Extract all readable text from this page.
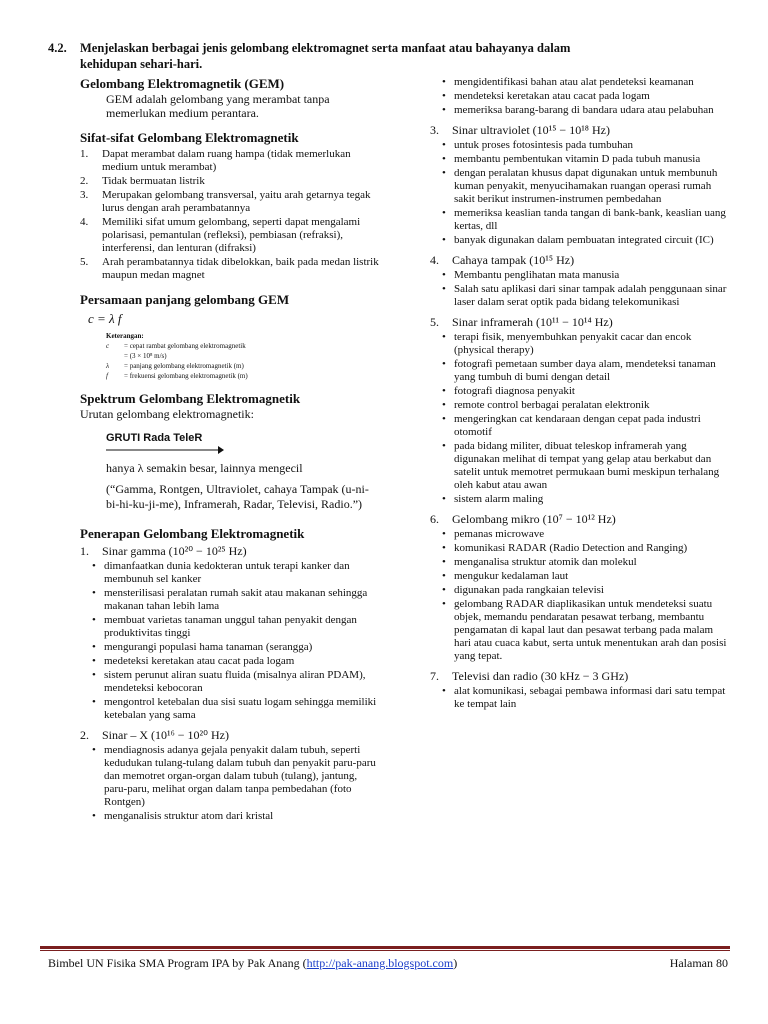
4.2. Menjelaskan berbagai jenis gelombang elektromagnet serta manfaat atau bahayanya dalam
kehidupan sehari-hari.
Gelombang Elektromagnetik (GEM)
GEM adalah gelombang yang merambat tanpa memerlukan medium perantara.
Sifat-sifat Gelombang Elektromagnetik
1. Dapat merambat dalam ruang hampa (tidak memerlukan medium untuk merambat)
2. Tidak bermuatan listrik
3. Merupakan gelombang transversal, yaitu arah getarnya tegak lurus dengan arah perambatannya
4. Memiliki sifat umum gelombang, seperti dapat mengalami polarisasi, pemantulan (refleksi), pembiasan (refraksi), interferensi, dan lenturan (difraksi)
5. Arah perambatannya tidak dibelokkan, baik pada medan listrik maupun medan magnet
Persamaan panjang gelombang GEM
c = λ f
Keterangan:
c	= cepat rambat gelombang elektromagnetik
= (3 × 10⁸ m/s)
λ	= panjang gelombang elektromagnetik (m)
f	= frekuensi gelombang elektromagnetik (m)
Spektrum Gelombang Elektromagnetik
Urutan gelombang elektromagnetik:
GRUTI Rada TeleR
hanya λ semakin besar, lainnya mengecil
(“Gamma, Rontgen, Ultraviolet, cahaya Tampak (u-ni-bi-hi-ku-ji-me), Inframerah, Radar, Televisi, Radio.”)
Penerapan Gelombang Elektromagnetik
1. Sinar gamma (10²⁰ − 10²⁵ Hz)
• dimanfaatkan dunia kedokteran untuk terapi kanker dan membunuh sel kanker
• mensterilisasi peralatan rumah sakit atau makanan sehingga makanan tahan lebih lama
• membuat varietas tanaman unggul tahan penyakit dengan produktivitas tinggi
• mengurangi populasi hama tanaman (serangga)
• medeteksi keretakan atau cacat pada logam
• sistem perunut aliran suatu fluida (misalnya aliran PDAM), mendeteksi kebocoran
• mengontrol ketebalan dua sisi suatu logam sehingga memiliki ketebalan yang sama
2. Sinar – X (10¹⁶ − 10²⁰ Hz)
• mendiagnosis adanya gejala penyakit dalam tubuh, seperti kedudukan tulang-tulang dalam tubuh dan penyakit paru-paru dan memotret organ-organ dalam tubuh (tulang), jantung, paru-paru, melihat organ dalam tanpa pembedahan (foto Rontgen)
• menganalisis struktur atom dari kristal
• mengidentifikasi bahan atau alat pendeteksi keamanan
• mendeteksi keretakan atau cacat pada logam
• memeriksa barang-barang di bandara udara atau pelabuhan
3. Sinar ultraviolet (10¹⁵ − 10¹⁸ Hz)
• untuk proses fotosintesis pada tumbuhan
• membantu pembentukan vitamin D pada tubuh manusia
• dengan peralatan khusus dapat digunakan untuk membunuh kuman penyakit, menyucihamakan ruangan operasi rumah sakit berikut instrumen-instrumen pembedahan
• memeriksa keaslian tanda tangan di bank-bank, keaslian uang kertas, dll
• banyak digunakan dalam pembuatan integrated circuit (IC)
4. Cahaya tampak (10¹⁵ Hz)
• Membantu penglihatan mata manusia
• Salah satu aplikasi dari sinar tampak adalah penggunaan sinar laser dalam serat optik pada bidang telekomunikasi
5. Sinar inframerah (10¹¹ − 10¹⁴ Hz)
• terapi fisik, menyembuhkan penyakit cacar dan encok (physical therapy)
• fotografi pemetaan sumber daya alam, mendeteksi tanaman yang tumbuh di bumi dengan detail
• fotografi diagnosa penyakit
• remote control berbagai peralatan elektronik
• mengeringkan cat kendaraan dengan cepat pada industri otomotif
• pada bidang militer, dibuat teleskop inframerah yang digunakan melihat di tempat yang gelap atau berkabut dan satelit untuk memotret permukaan bumi meskipun terhalang oleh kabut atau awan
• sistem alarm maling
6. Gelombang mikro (10⁷ − 10¹² Hz)
• pemanas microwave
• komunikasi RADAR (Radio Detection and Ranging)
• menganalisa struktur atomik dan molekul
• mengukur kedalaman laut
• digunakan pada rangkaian televisi
• gelombang RADAR diaplikasikan untuk mendeteksi suatu objek, memandu pendaratan pesawat terbang, membantu pengamatan di kapal laut dan pesawat terbang pada malam hari atau cuaca kabut, serta untuk menentukan arah dan posisi yang tepat.
7. Televisi dan radio (30 kHz − 3 GHz)
• alat komunikasi, sebagai pembawa informasi dari satu tempat ke tempat lain
Bimbel UN Fisika SMA Program IPA by Pak Anang (http://pak-anang.blogspot.com)	Halaman 80
